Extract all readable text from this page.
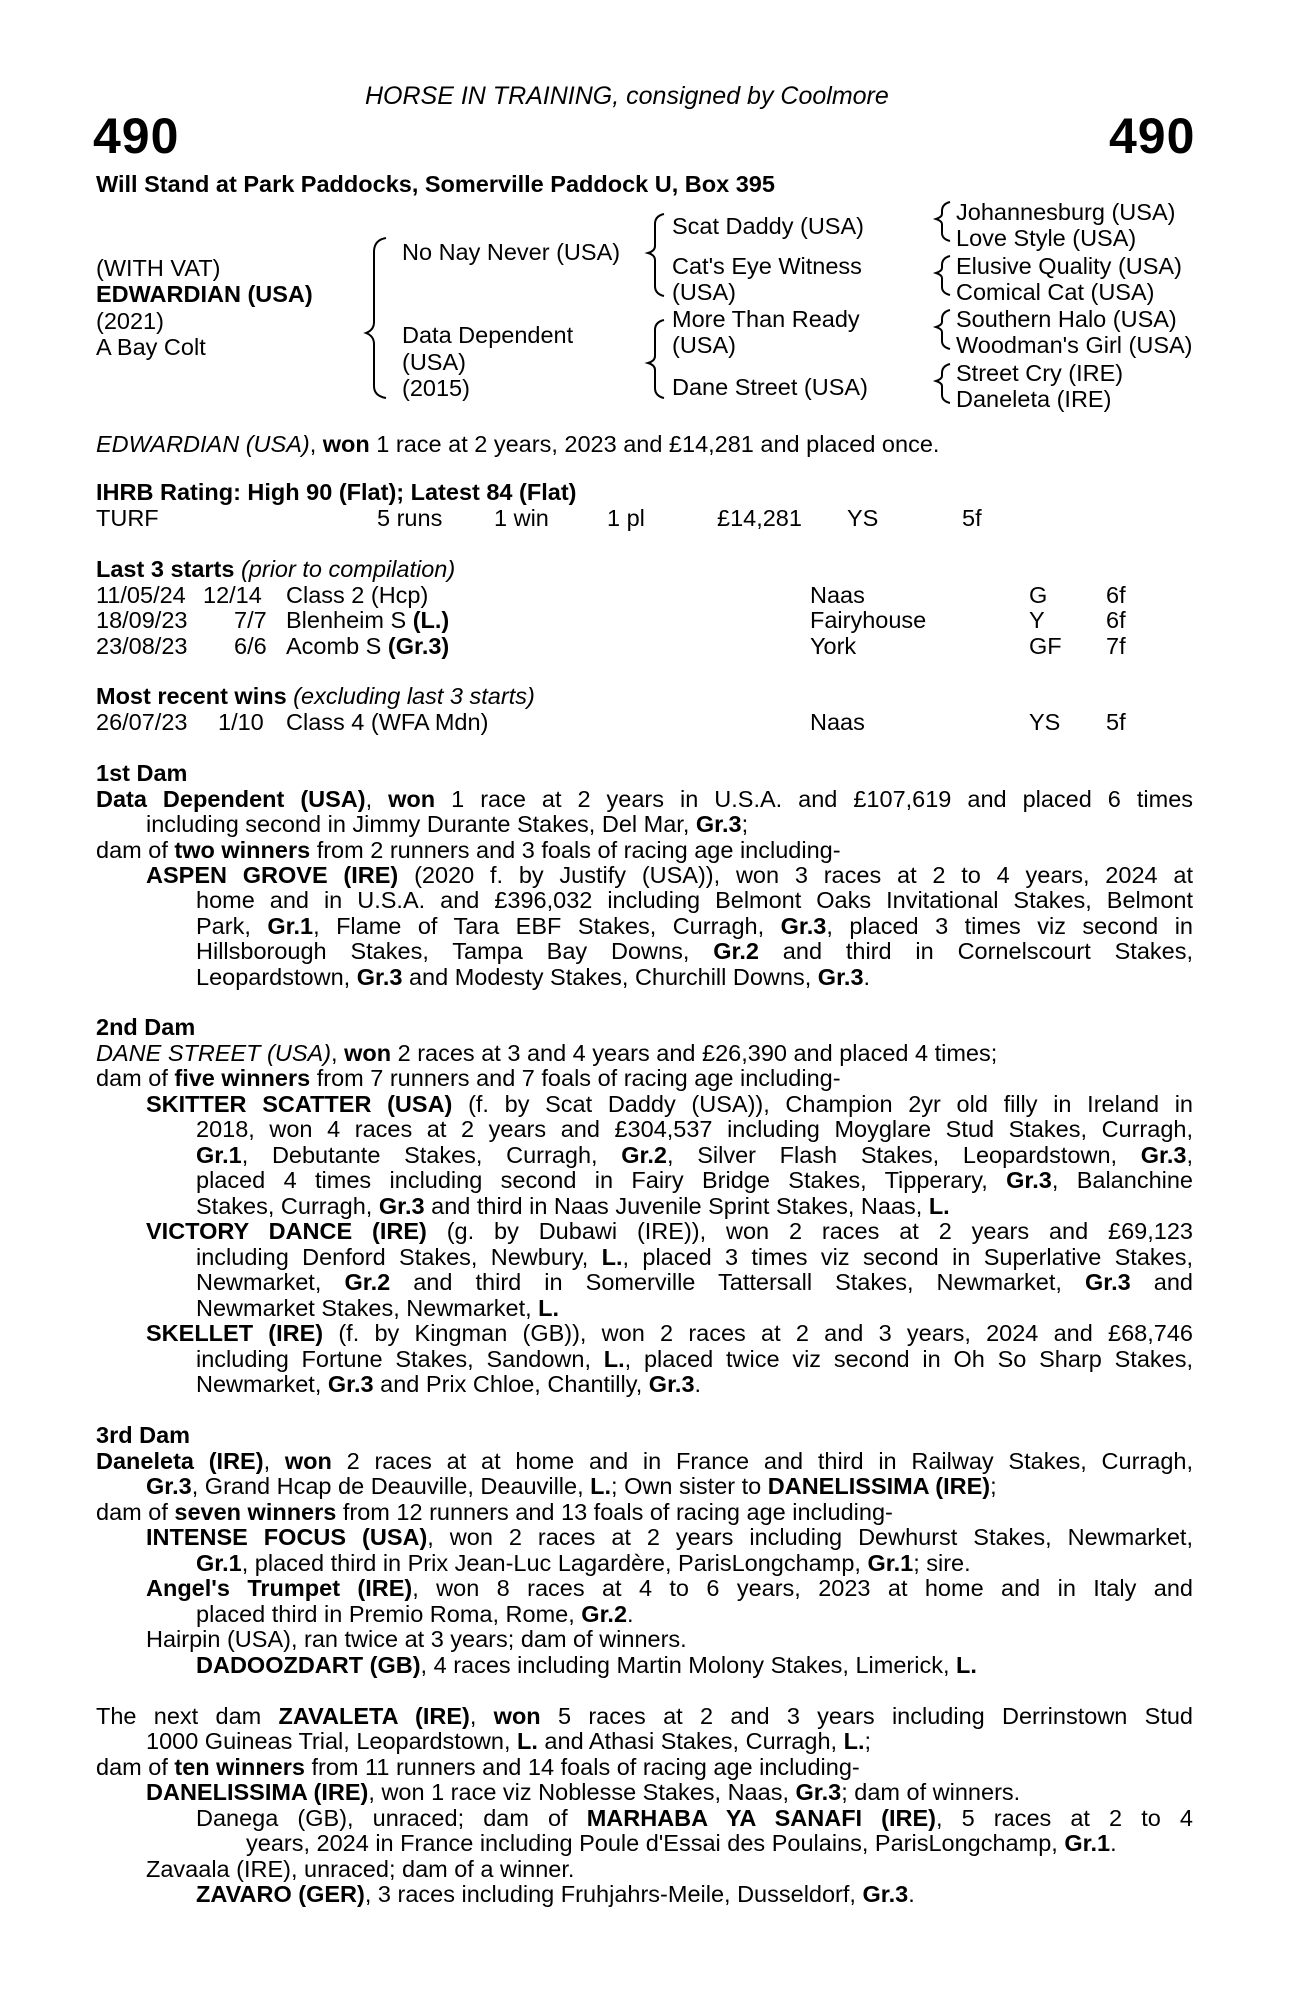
HORSE IN TRAINING, consigned by Coolmore
490	490
Will Stand at Park Paddocks, Somerville Paddock U, Box 395
(WITH VAT)
EDWARDIAN (USA)
(2021)
A Bay Colt
No Nay Never (USA)
Data Dependent
(USA)
(2015)
Scat Daddy (USA)
Cat's Eye Witness
(USA)
More Than Ready
(USA)
Dane Street (USA)
Johannesburg (USA)
Love Style (USA)
Elusive Quality (USA)
Comical Cat (USA)
Southern Halo (USA)
Woodman's Girl (USA)
Street Cry (IRE)
Daneleta (IRE)
EDWARDIAN (USA), won 1 race at 2 years, 2023 and £14,281 and placed once.
IHRB Rating: High 90 (Flat); Latest 84 (Flat)
TURF	5 runs 1 win 1 pl	£14,281 YS	5f
Last 3 starts (prior to compilation)
11/05/24 12/14 Class 2 (Hcp)	Naas	G 6f
18/09/23 7/7 Blenheim S (L.)	Fairyhouse	Y	6f
23/08/23 6/6 Acomb S (Gr.3)	York	GF 7f
Most recent wins (excluding last 3 starts)
26/07/23 1/10 Class 4 (WFA Mdn)	Naas	YS 5f
1st Dam
Data Dependent (USA), won 1 race at 2 years in U.S.A. and £107,619 and placed 6 times
including second in Jimmy Durante Stakes, Del Mar, Gr.3;
dam of two winners from 2 runners and 3 foals of racing age including-
ASPEN GROVE (IRE) (2020 f. by Justify (USA)), won 3 races at 2 to 4 years, 2024 at
home and in U.S.A. and £396,032 including Belmont Oaks Invitational Stakes, Belmont
Park, Gr.1, Flame of Tara EBF Stakes, Curragh, Gr.3, placed 3 times viz second in
Hillsborough Stakes, Tampa Bay Downs, Gr.2 and third in Cornelscourt Stakes,
Leopardstown, Gr.3 and Modesty Stakes, Churchill Downs, Gr.3.
2nd Dam
DANE STREET (USA), won 2 races at 3 and 4 years and £26,390 and placed 4 times;
dam of five winners from 7 runners and 7 foals of racing age including-
SKITTER SCATTER (USA) (f. by Scat Daddy (USA)), Champion 2yr old filly in Ireland in
2018, won 4 races at 2 years and £304,537 including Moyglare Stud Stakes, Curragh,
Gr.1, Debutante Stakes, Curragh, Gr.2, Silver Flash Stakes, Leopardstown, Gr.3,
placed 4 times including second in Fairy Bridge Stakes, Tipperary, Gr.3, Balanchine
Stakes, Curragh, Gr.3 and third in Naas Juvenile Sprint Stakes, Naas, L.
VICTORY DANCE (IRE) (g. by Dubawi (IRE)), won 2 races at 2 years and £69,123
including Denford Stakes, Newbury, L., placed 3 times viz second in Superlative Stakes,
Newmarket, Gr.2 and third in Somerville Tattersall Stakes, Newmarket, Gr.3 and
Newmarket Stakes, Newmarket, L.
SKELLET (IRE) (f. by Kingman (GB)), won 2 races at 2 and 3 years, 2024 and £68,746
including Fortune Stakes, Sandown, L., placed twice viz second in Oh So Sharp Stakes,
Newmarket, Gr.3 and Prix Chloe, Chantilly, Gr.3.
3rd Dam
Daneleta (IRE), won 2 races at at home and in France and third in Railway Stakes, Curragh,
Gr.3, Grand Hcap de Deauville, Deauville, L.; Own sister to DANELISSIMA (IRE);
dam of seven winners from 12 runners and 13 foals of racing age including-
INTENSE FOCUS (USA), won 2 races at 2 years including Dewhurst Stakes, Newmarket,
Gr.1, placed third in Prix Jean-Luc Lagardère, ParisLongchamp, Gr.1; sire.
Angel's Trumpet (IRE), won 8 races at 4 to 6 years, 2023 at home and in Italy and
placed third in Premio Roma, Rome, Gr.2.
Hairpin (USA), ran twice at 3 years; dam of winners.
DADOOZDART (GB), 4 races including Martin Molony Stakes, Limerick, L.
The next dam ZAVALETA (IRE), won 5 races at 2 and 3 years including Derrinstown Stud
1000 Guineas Trial, Leopardstown, L. and Athasi Stakes, Curragh, L.;
dam of ten winners from 11 runners and 14 foals of racing age including-
DANELISSIMA (IRE), won 1 race viz Noblesse Stakes, Naas, Gr.3; dam of winners.
Danega (GB), unraced; dam of MARHABA YA SANAFI (IRE), 5 races at 2 to 4
years, 2024 in France including Poule d'Essai des Poulains, ParisLongchamp, Gr.1.
Zavaala (IRE), unraced; dam of a winner.
ZAVARO (GER), 3 races including Fruhjahrs-Meile, Dusseldorf, Gr.3.
